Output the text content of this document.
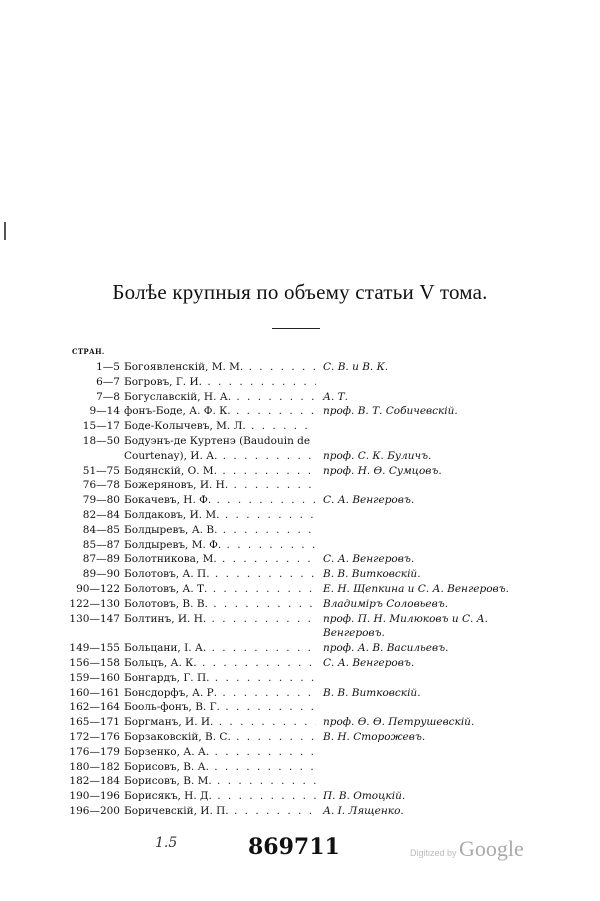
Болѣе крупныя по объему статьи V тома.
СТРАН.
1—5 Богоявленскій, М. М. . . .	С. В. и В. К.
6—7 Богровъ, Г. И. . . .
7—8 Богуславскій, Н. А. . . .	А. Т.
9—14 фонъ-Боде, А. Ф. К. . . .	проф. В. Т. Собичевскій.
15—17 Боде-Колычевъ, М. Л. . . .
18—50 Бодуэнъ-де Куртенэ (Baudouin de
Courtenay), И. А. . . .	проф. С. К. Буличъ.
51—75 Бодянскій, О. М. . . .	проф. Н. Ѳ. Сумцовъ.
76—78 Божеряновъ, И. Н. . . .
79—80 Бокачевъ, Н. Ф. . . .	С. А. Венгеровъ.
82—84 Болдаковъ, И. М. . . .
84—85 Болдыревъ, А. В. . . .
85—87 Болдыревъ, М. Ф. . . .
87—89 Болотникова, М. . . .	С. А. Венгеровъ.
89—90 Болотовъ, А. П. . . .	В. В. Витковскій.
90—122 Болотовъ, А. Т. . . .	Е. Н. Щепкина и С. А. Венгеровъ.
122—130 Болотовъ, В. В. . . .	Владиміръ Соловьевъ.
130—147 Болтинъ, И. Н. . . .	проф. П. Н. Милюковъ и С. А.
Венгеровъ.
149—155 Больцани, I. А. . . .	проф. А. В. Васильевъ.
156—158 Больцъ, А. К. . . .	С. А. Венгеровъ.
159—160 Бонгардъ, Г. П. . . .
160—161 Бонсдорфъ, А. Р. . . .	В. В. Витковскій.
162—164 Бооль-фонъ, В. Г. . . .
165—171 Боргманъ, И. И. . . .	проф. Ѳ. Ѳ. Петрушевскій.
172—176 Борзаковскій, В. С. . . .	В. Н. Сторожевъ.
176—179 Борзенко, А. А. . . .
180—182 Борисовъ, В. А. . . .
182—184 Борисовъ, В. М. . . .
190—196 Борисякъ, Н. Д. . . .	П. В. Отоцкій.
196—200 Боричевскій, И. П. . . .	А. I. Лященко.
1.5	869711	Digitized by Google
